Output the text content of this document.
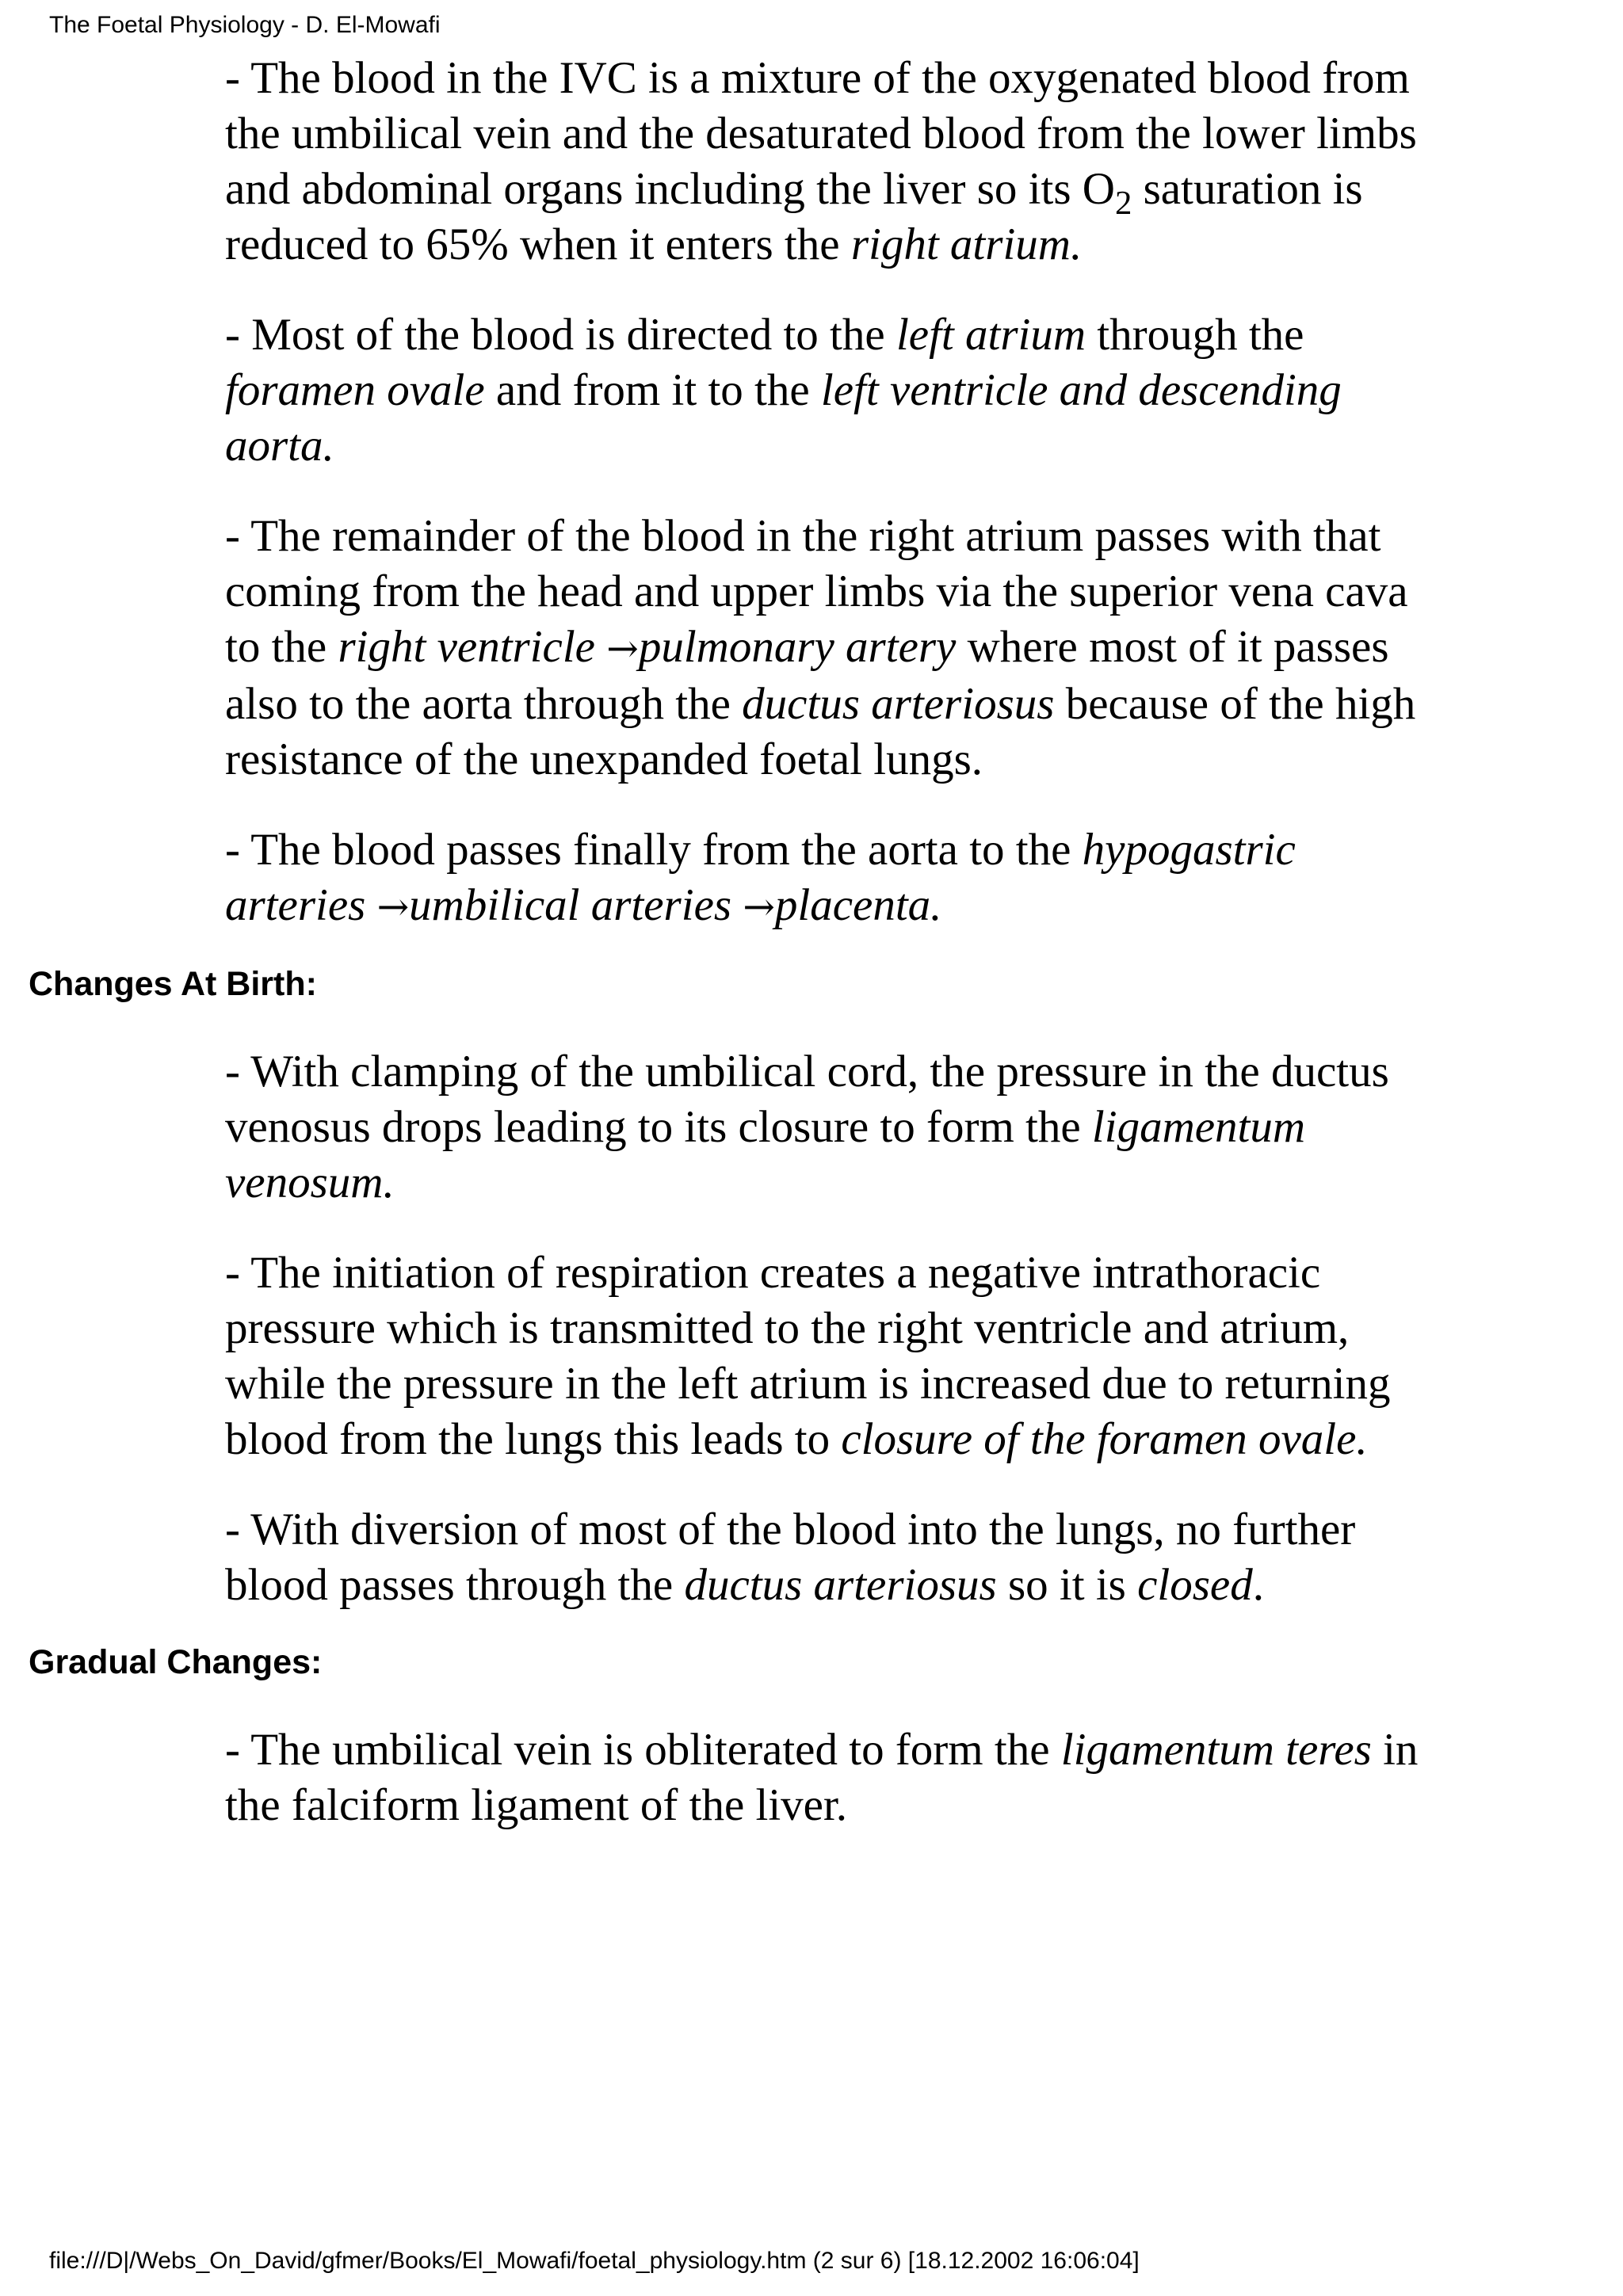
The Foetal Physiology - D. El-Mowafi

- The blood in the IVC is a mixture of the oxygenated blood from the umbilical vein and the desaturated blood from the lower limbs and abdominal organs including the liver so its $O_2$ saturation is reduced to 65% when it enters the right atrium.

- Most of the blood is directed to the left atrium through the foramen ovale and from it to the left ventricle and descending aorta.

- The remainder of the blood in the right atrium passes with that coming from the head and upper limbs via the superior vena cava to the right ventricle →pulmonary artery where most of it passes also to the aorta through the ductus arteriosus because of the high resistance of the unexpanded foetal lungs.

- The blood passes finally from the aorta to the hypogastric arteries →umbilical arteries →placenta.

Changes At Birth:

- With clamping of the umbilical cord, the pressure in the ductus venosus drops leading to its closure to form the ligamentum venosum.

- The initiation of respiration creates a negative intrathoracic pressure which is transmitted to the right ventricle and atrium, while the pressure in the left atrium is increased due to returning blood from the lungs this leads to closure of the foramen ovale.

- With diversion of most of the blood into the lungs, no further blood passes through the ductus arteriosus so it is closed.

Gradual Changes:

- The umbilical vein is obliterated to form the ligamentum teres in the falciform ligament of the liver.

file:///D|/Webs_On_David/gfmer/Books/El_Mowafi/foetal_physiology.htm (2 sur 6) [18.12.2002 16:06:04]
